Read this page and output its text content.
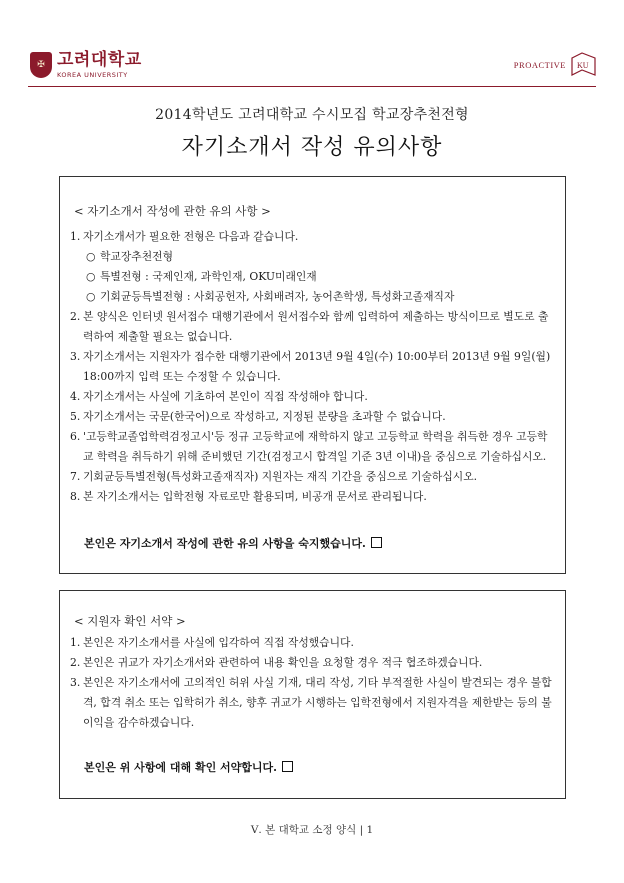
✠ 고려대학교
KOREA UNIVERSITY
PROACTIVE KU
2014학년도 고려대학교 수시모집 학교장추천전형
자기소개서 작성 유의사항
< 자기소개서 작성에 관한 유의 사항 >
1. 자기소개서가 필요한 전형은 다음과 같습니다.
○ 학교장추천전형
○ 특별전형 : 국제인재, 과학인재, OKU미래인재
○ 기회균등특별전형 : 사회공헌자, 사회배려자, 농어촌학생, 특성화고졸재직자
2. 본 양식은 인터넷 원서접수 대행기관에서 원서접수와 함께 입력하여 제출하는 방식이므로 별도로 출력하여 제출할 필요는 없습니다.
3. 자기소개서는 지원자가 접수한 대행기관에서 2013년 9월 4일(수) 10:00부터 2013년 9월 9일(월) 18:00까지 입력 또는 수정할 수 있습니다.
4. 자기소개서는 사실에 기초하여 본인이 직접 작성해야 합니다.
5. 자기소개서는 국문(한국어)으로 작성하고, 지정된 분량을 초과할 수 없습니다.
6. '고등학교졸업학력검정고시'등 정규 고등학교에 재학하지 않고 고등학교 학력을 취득한 경우 고등학교 학력을 취득하기 위해 준비했던 기간(검정고시 합격일 기준 3년 이내)을 중심으로 기술하십시오.
7. 기회균등특별전형(특성화고졸재직자) 지원자는 재직 기간을 중심으로 기술하십시오.
8. 본 자기소개서는 입학전형 자료로만 활용되며, 비공개 문서로 관리됩니다.
본인은 자기소개서 작성에 관한 유의 사항을 숙지했습니다.
< 지원자 확인 서약 >
1. 본인은 자기소개서를 사실에 입각하여 직접 작성했습니다.
2. 본인은 귀교가 자기소개서와 관련하여 내용 확인을 요청할 경우 적극 협조하겠습니다.
3. 본인은 자기소개서에 고의적인 허위 사실 기재, 대리 작성, 기타 부적절한 사실이 발견되는 경우 불합격, 합격 취소 또는 입학허가 취소, 향후 귀교가 시행하는 입학전형에서 지원자격을 제한받는 등의 불이익을 감수하겠습니다.
본인은 위 사항에 대해 확인 서약합니다.
Ⅴ. 본 대학교 소정 양식 | 1
